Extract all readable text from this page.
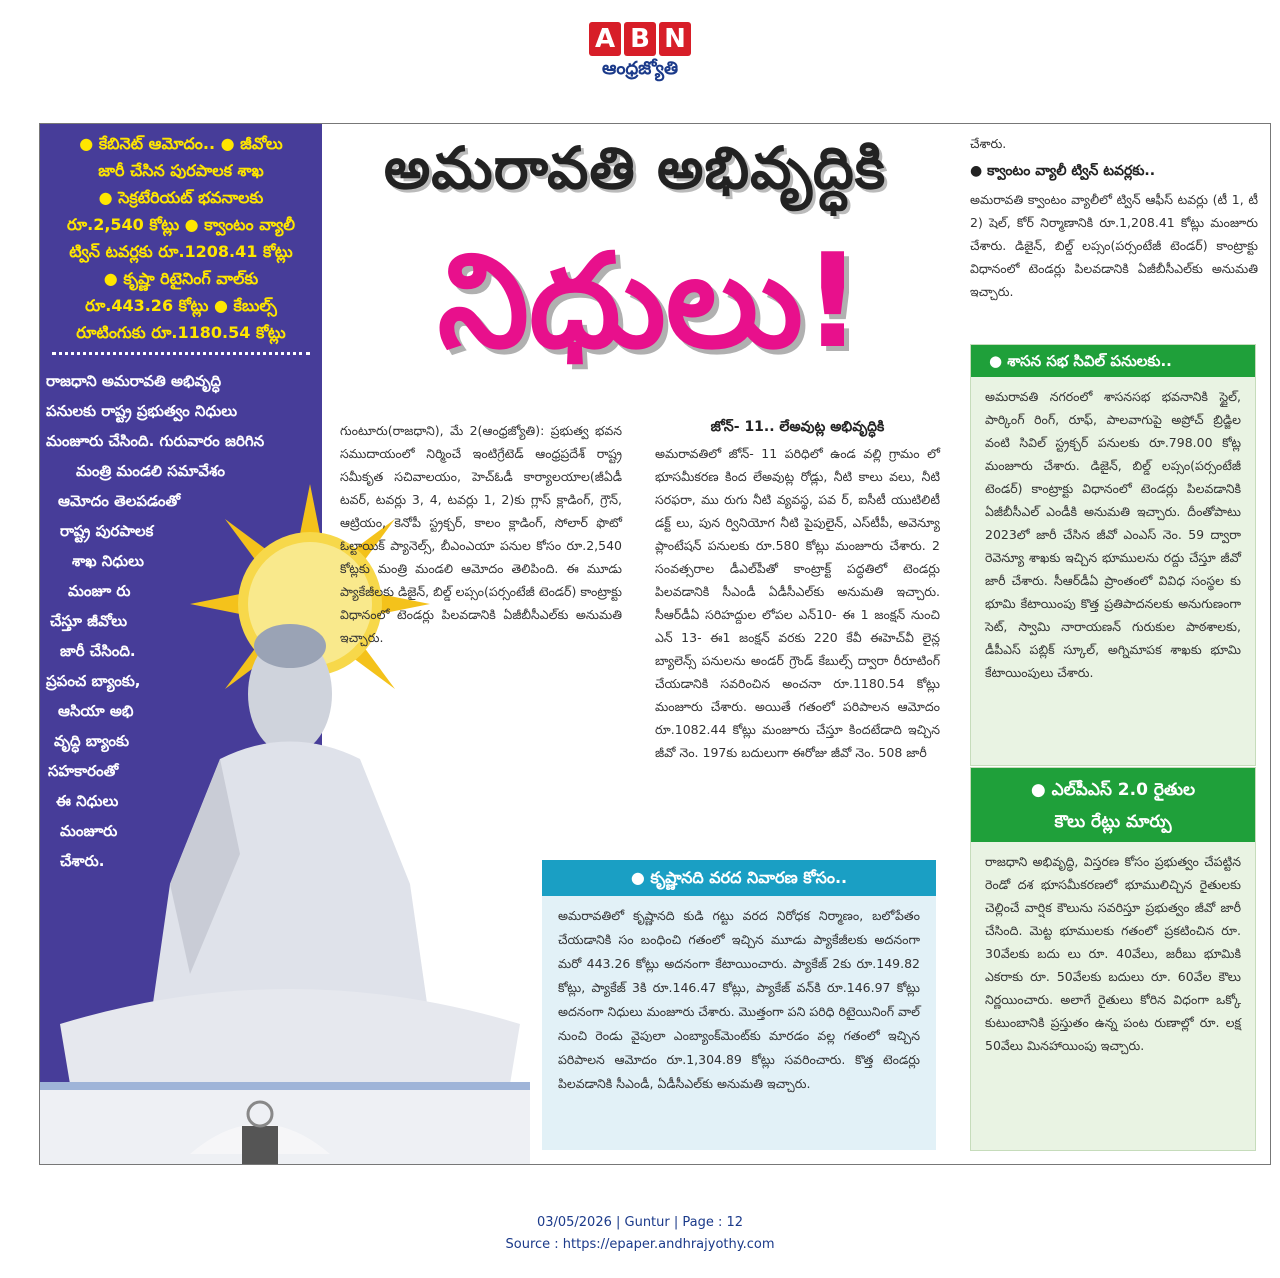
A B N
ఆంధ్రజ్యోతి
● కేబినెట్ ఆమోదం.. ● జీవోలు
జారీ చేసిన పురపాలక శాఖ
● సెక్రటేరియట్ భవనాలకు
రూ.2,540 కోట్లు ● క్వాంటం వ్యాలీ
ట్విన్ టవర్లకు రూ.1208.41 కోట్లు
● కృష్ణా రిటైనింగ్ వాల్‌కు
రూ.443.26 కోట్లు ● కేబుల్స్
రూటింగుకు రూ.1180.54 కోట్లు
రాజధాని అమరావతి అభివృద్ధి
పనులకు రాష్ట్ర ప్రభుత్వం నిధులు
మంజూరు చేసింది. గురువారం జరిగిన
మంత్రి మండలి సమావేశం
ఆమోదం తెలపడంతో
రాష్ట్ర పురపాలక
శాఖ నిధులు
మంజూ రు
చేస్తూ జీవోలు
జారీ చేసింది.
ప్రపంచ బ్యాంకు,
ఆసియా అభి
వృద్ధి బ్యాంకు
సహకారంతో
ఈ నిధులు
మంజూరు
చేశారు.
అమరావతి అభివృద్ధికి
నిధులు!
గుంటూరు(రాజధాని), మే 2(ఆంధ్రజ్యోతి): ప్రభుత్వ భవన సముదాయంలో నిర్మించే ఇంటిగ్రేటెడ్ ఆంధ్రప్రదేశ్ రాష్ట్ర సమీకృత సచివాలయం, హెచ్‌ఓడీ కార్యాలయాల(జీఏడీ టవర్, టవర్లు 3, 4, టవర్లు 1, 2)కు గ్లాస్ క్లాడింగ్, గ్రౌన్, ఆట్రియం, కెనోపీ స్ట్రక్చర్, కాలం క్లాడింగ్, సోలార్ ఫొటో ఓల్టాయిక్ ప్యానెల్స్, బీఎంఎయా పనుల కోసం రూ.2,540 కోట్లకు మంత్రి మండలి ఆమోదం తెలిపింది. ఈ మూడు ప్యాకేజీలకు డిజైన్, బిల్డ్ లప్సం(పర్సంటేజీ టెండర్) కాంట్రాక్టు విధానంలో టెండర్లు పిలవడానికి ఏజీబీసీఎల్‌కు అనుమతి ఇచ్చారు.
జోన్- 11.. లేఅవుట్ల అభివృద్ధికి
అమరావతిలో జోన్- 11 పరిధిలో ఉండ వల్లి గ్రామం లో భూసమీకరణ కింద లేఅవుట్ల రోడ్లు, నీటి కాలు వలు, నీటి సరఫరా, ము రుగు నీటి వ్యవస్థ, పవ ర్, ఐసీటీ యుటిలిటీ డక్ట్ లు, పున ర్వినియోగ నీటి పైపులైన్, ఎస్‌టీపీ, అవెన్యూ ప్లాంటేషన్ పనులకు రూ.580 కోట్లు మంజూరు చేశారు. 2 సంవత్సరాల డీఎల్‌పీతో కాంట్రాక్ట్ పద్ధతిలో టెండర్లు పిలవడానికి సీఎండీ ఏడీసీఎల్‌కు అనుమతి ఇచ్చారు. సీఆర్‌డీఏ సరిహద్దుల లోపల ఎన్10- ఈ 1 జంక్షన్ నుంచి ఎన్ 13- ఈ1 జంక్షన్ వరకు 220 కేవీ ఈహెచ్‌వీ లైన్ల బ్యాలెన్స్ పనులను అండర్ గ్రౌండ్ కేబుల్స్ ద్వారా రీరూటింగ్ చేయడానికి సవరించిన అంచనా రూ.1180.54 కోట్లు మంజూరు చేశారు. అయితే గతంలో పరిపాలన ఆమోదం రూ.1082.44 కోట్లు మంజూరు చేస్తూ కిందటేడాది ఇచ్చిన జీవో నెం. 197కు బదులుగా ఈరోజు జీవో నెం. 508 జారీ
చేశారు.
● క్వాంటం వ్యాలీ ట్విన్ టవర్లకు..
అమరావతి క్వాంటం వ్యాలీలో ట్విన్ ఆఫీస్ టవర్లు (టీ 1, టీ 2) షెల్, కోర్ నిర్మాణానికి రూ.1,208.41 కోట్లు మంజూరు చేశారు. డిజైన్, బిల్డ్ లప్సం(పర్సంటేజీ టెండర్) కాంట్రాక్టు విధానంలో టెండర్లు పిలవడానికి ఏజీబీసీఎల్‌కు అనుమతి ఇచ్చారు.
● శాసన సభ సివిల్ పనులకు..
అమరావతి నగరంలో శాసనసభ భవనానికి స్టైల్, పార్కింగ్ రింగ్, రూఫ్, పాలవాగుపై అప్రోచ్ బ్రిడ్జిల వంటి సివిల్ స్ట్రక్చర్ పనులకు రూ.798.00 కోట్ల మంజూరు చేశారు. డిజైన్, బిల్డ్ లప్సం(పర్సంటేజీ టెండర్) కాంట్రాక్టు విధానంలో టెండర్లు పిలవడానికి ఏజీబీసీఎల్ ఎండీకి అనుమతి ఇచ్చారు. దీంతోపాటు 2023లో జారీ చేసిన జీవో ఎంఎస్ నెం. 59 ద్వారా రెవెన్యూ శాఖకు ఇచ్చిన భూములను రద్దు చేస్తూ జీవో జారీ చేశారు. సీఆర్‌డీఏ ప్రాంతంలో వివిధ సంస్థల కు భూమి కేటాయింపు కొత్త ప్రతిపాదనలకు అనుగుణంగా సెట్, స్వామి నారాయణన్ గురుకుల పాఠశాలకు, డీపీఎస్ పబ్లిక్ స్కూల్, అగ్నిమాపక శాఖకు భూమి కేటాయింపులు చేశారు.
● ఎల్‌పీఎస్ 2.0 రైతుల
కౌలు రేట్లు మార్పు
రాజధాని అభివృద్ధి, విస్తరణ కోసం ప్రభుత్వం చేపట్టిన రెండో దశ భూసమీకరణలో భూములిచ్చిన రైతులకు చెల్లించే వార్షిక కౌలును సవరిస్తూ ప్రభుత్వం జీవో జారీ చేసింది. మెట్ట భూములకు గతంలో ప్రకటించిన రూ. 30వేలకు బదు లు రూ. 40వేలు, జరీబు భూమికి ఎకరాకు రూ. 50వేలకు బదులు రూ. 60వేల కౌలు నిర్ణయించారు. అలాగే రైతులు కోరిన విధంగా ఒక్కో కుటుంబానికి ప్రస్తుతం ఉన్న పంట రుణాల్లో రూ. లక్ష 50వేలు మినహాయింపు ఇచ్చారు.
● కృష్ణానది వరద నివారణ కోసం..
అమరావతిలో కృష్ణానది కుడి గట్టు వరద నిరోధక నిర్మాణం, బలోపేతం చేయడానికి సం బంధించి గతంలో ఇచ్చిన మూడు ప్యాకేజీలకు అదనంగా మరో 443.26 కోట్లు అదనంగా కేటాయించారు. ప్యాకేజ్ 2కు రూ.149.82 కోట్లు, ప్యాకేజ్ 3కి రూ.146.47 కోట్లు, ప్యాకేజ్ వన్‌కి రూ.146.97 కోట్లు అదనంగా నిధులు మంజూరు చేశారు. మొత్తంగా పని పరిధి రిటైయినింగ్ వాల్ నుంచి రెండు వైపులా ఎంబ్యాంక్‌మెంట్‌కు మారడం వల్ల గతంలో ఇచ్చిన పరిపాలన ఆమోదం రూ.1,304.89 కోట్లు సవరించారు. కొత్త టెండర్లు పిలవడానికి సీఎండీ, ఏడీసీఎల్‌కు అనుమతి ఇచ్చారు.
03/05/2026 | Guntur | Page : 12
Source : https://epaper.andhrajyothy.com
